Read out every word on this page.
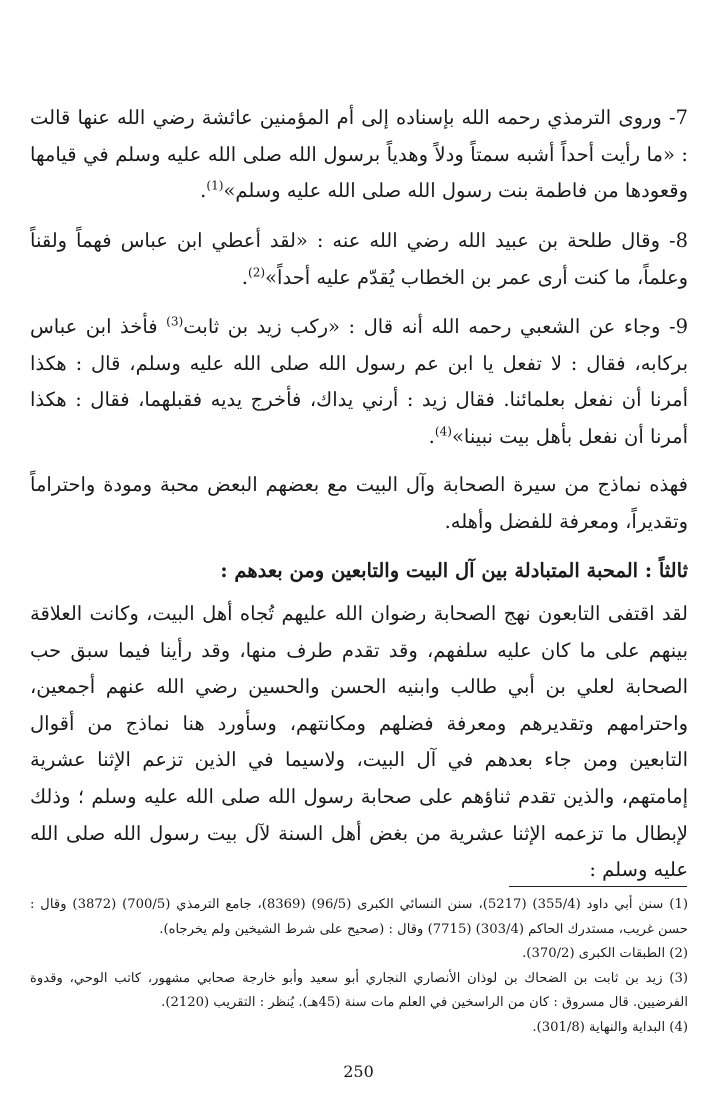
7- وروى الترمذي رحمه الله بإسناده إلى أم المؤمنين عائشة رضي الله عنها قالت : «ما رأيت أحداً أشبه سمتاً ودلاً وهدياً برسول الله صلى الله عليه وسلم في قيامها وقعودها من فاطمة بنت رسول الله صلى الله عليه وسلم»$^{(1)}$.

8- وقال طلحة بن عبيد الله رضي الله عنه : «لقد أعطي ابن عباس فهماً ولقناً وعلماً، ما كنت أرى عمر بن الخطاب يُقدّم عليه أحداً»$^{(2)}$.

9- وجاء عن الشعبي رحمه الله أنه قال : «ركب زيد بن ثابت$^{(3)}$ فأخذ ابن عباس بركابه، فقال : لا تفعل يا ابن عم رسول الله صلى الله عليه وسلم، قال : هكذا أمرنا أن نفعل بعلمائنا. فقال زيد : أرني يداك، فأخرج يديه فقبلهما، فقال : هكذا أمرنا أن نفعل بأهل بيت نبينا»$^{(4)}$.

فهذه نماذج من سيرة الصحابة وآل البيت مع بعضهم البعض محبة ومودة واحتراماً وتقديراً، ومعرفة للفضل وأهله.

ثالثاً : المحبة المتبادلة بين آل البيت والتابعين ومن بعدهم :

لقد اقتفى التابعون نهج الصحابة رضوان الله عليهم تُجاه أهل البيت، وكانت العلاقة بينهم على ما كان عليه سلفهم، وقد تقدم طرف منها، وقد رأينا فيما سبق حب الصحابة لعلي بن أبي طالب وابنيه الحسن والحسين رضي الله عنهم أجمعين، واحترامهم وتقديرهم ومعرفة فضلهم ومكانتهم، وسأورد هنا نماذج من أقوال التابعين ومن جاء بعدهم في آل البيت، ولاسيما في الذين تزعم الإثنا عشرية إمامتهم، والذين تقدم ثناؤهم على صحابة رسول الله صلى الله عليه وسلم ؛ وذلك لإبطال ما تزعمه الإثنا عشرية من بغض أهل السنة لآل بيت رسول الله صلى الله عليه وسلم :

(1) سنن أبي داود (355/4) (5217)، سنن النسائي الكبرى (96/5) (8369)، جامع الترمذي (700/5) (3872) وقال : حسن غريب، مستدرك الحاكم (303/4) (7715) وقال : (صحيح على شرط الشيخين ولم يخرجاه).

(2) الطبقات الكبرى (370/2).

(3) زيد بن ثابت بن الضحاك بن لوذان الأنصاري النجاري أبو سعيد وأبو خارجة صحابي مشهور، كاتب الوحي، وقدوة الفرضيين. قال مسروق : كان من الراسخين في العلم مات سنة (45هـ). يُنظر : التقريب (2120).

(4) البداية والنهاية (301/8).

250
